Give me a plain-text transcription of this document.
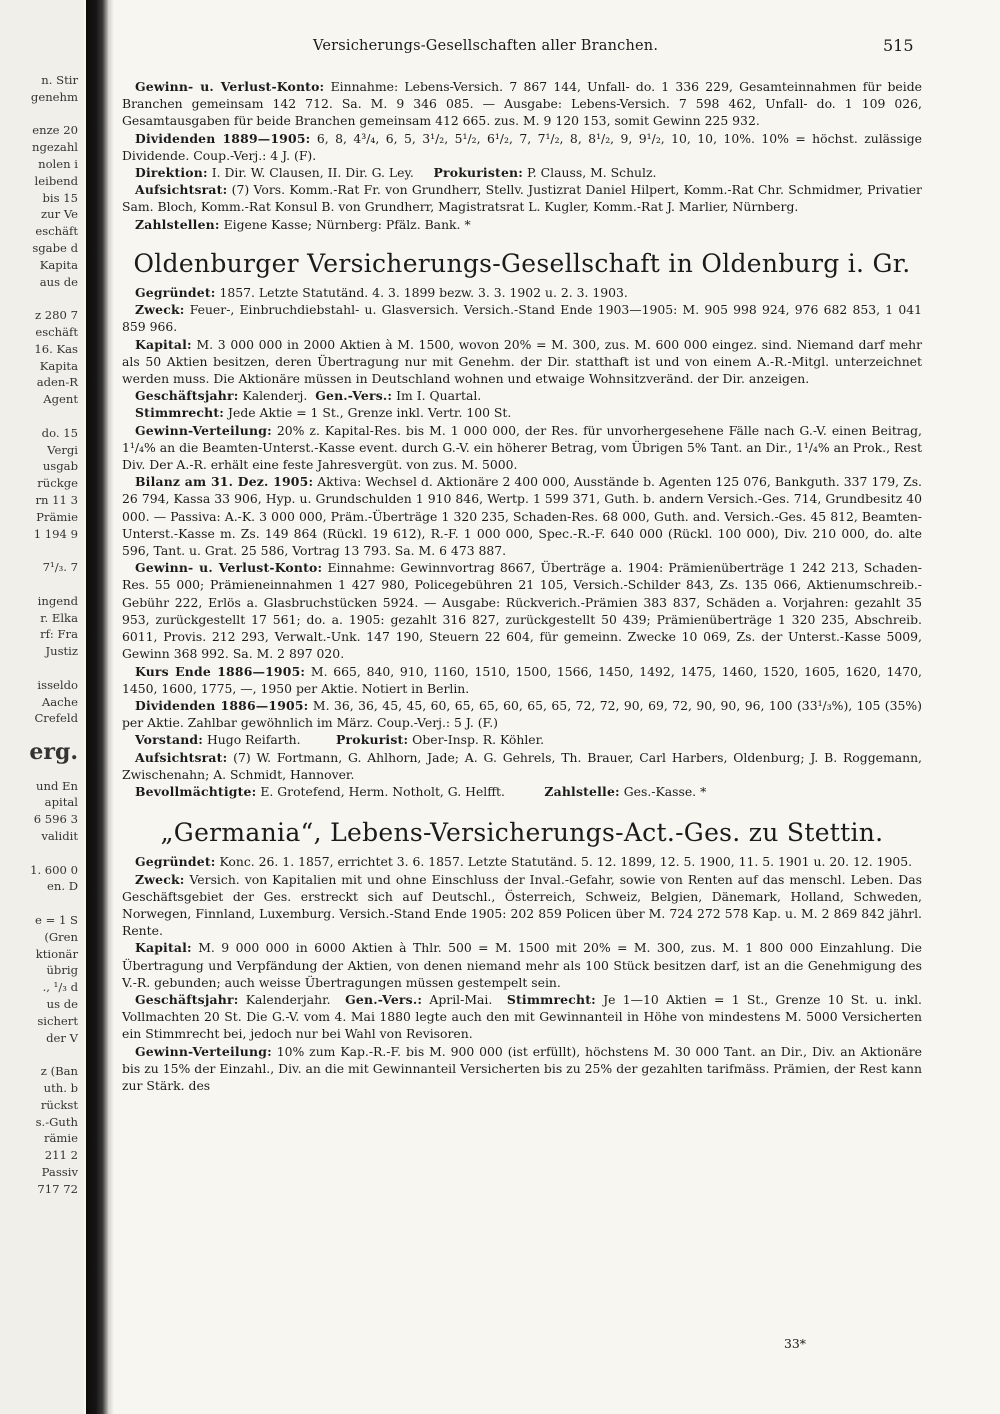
n. Stir
genehm
enze 20
ngezahl
nolen i
leibend
bis 15
zur Ve
eschäft
sgabe d
Kapita
aus de
z 280 7
eschäft
16. Kas
Kapita
aden-R
Agent
do. 15
Vergi
usgab
rückge
rn 11 3
Prämie
1 194 9
7¹/₃. 7
ingend
r. Elka
rf: Fra
Justiz
isseldo
Aache
Crefeld
erg.
und En
apital
6 596 3
validit
1. 600 0
en. D
e = 1 S
(Gren
ktionär
übrig
., ¹/₃ d
us de
sichert
der V
z (Ban
uth. b
rückst
s.-Guth
rämie
211 2
Passiv
717 72
Versicherungs-Gesellschaften aller Branchen.	515

Gewinn- u. Verlust-Konto: Einnahme: Lebens-Versich. 7 867 144, Unfall- do. 1 336 229, Gesamteinnahmen für beide Branchen gemeinsam 142 712. Sa. M. 9 346 085. — Ausgabe: Lebens-Versich. 7 598 462, Unfall- do. 1 109 026, Gesamtausgaben für beide Branchen gemeinsam 412 665. zus. M. 9 120 153, somit Gewinn 225 932.

Dividenden 1889—1905: 6, 8, 4³/₄, 6, 5, 3¹/₂, 5¹/₂, 6¹/₂, 7, 7¹/₂, 8, 8¹/₂, 9, 9¹/₂, 10, 10, 10%. 10% = höchst. zulässige Dividende. Coup.-Verj.: 4 J. (F).

Direktion: I. Dir. W. Clausen, II. Dir. G. Ley. Prokuristen: P. Clauss, M. Schulz.

Aufsichtsrat: (7) Vors. Komm.-Rat Fr. von Grundherr, Stellv. Justizrat Daniel Hilpert, Komm.-Rat Chr. Schmidmer, Privatier Sam. Bloch, Komm.-Rat Konsul B. von Grundherr, Magistratsrat L. Kugler, Komm.-Rat J. Marlier, Nürnberg.

Zahlstellen: Eigene Kasse; Nürnberg: Pfälz. Bank. *

Oldenburger Versicherungs-Gesellschaft in Oldenburg i. Gr.

Gegründet: 1857. Letzte Statutänd. 4. 3. 1899 bezw. 3. 3. 1902 u. 2. 3. 1903.

Zweck: Feuer-, Einbruchdiebstahl- u. Glasversich. Versich.-Stand Ende 1903—1905: M. 905 998 924, 976 682 853, 1 041 859 966.

Kapital: M. 3 000 000 in 2000 Aktien à M. 1500, wovon 20% = M. 300, zus. M. 600 000 eingez. sind. Niemand darf mehr als 50 Aktien besitzen, deren Übertragung nur mit Genehm. der Dir. statthaft ist und von einem A.-R.-Mitgl. unterzeichnet werden muss. Die Aktionäre müssen in Deutschland wohnen und etwaige Wohnsitzveränd. der Dir. anzeigen.

Geschäftsjahr: Kalenderj. Gen.-Vers.: Im I. Quartal.

Stimmrecht: Jede Aktie = 1 St., Grenze inkl. Vertr. 100 St.

Gewinn-Verteilung: 20% z. Kapital-Res. bis M. 1 000 000, der Res. für unvorhergesehene Fälle nach G.-V. einen Beitrag, 1¹/₄% an die Beamten-Unterst.-Kasse event. durch G.-V. ein höherer Betrag, vom Übrigen 5% Tant. an Dir., 1¹/₄% an Prok., Rest Div. Der A.-R. erhält eine feste Jahresvergüt. von zus. M. 5000.

Bilanz am 31. Dez. 1905: Aktiva: Wechsel d. Aktionäre 2 400 000, Ausstände b. Agenten 125 076, Bankguth. 337 179, Zs. 26 794, Kassa 33 906, Hyp. u. Grundschulden 1 910 846, Wertp. 1 599 371, Guth. b. andern Versich.-Ges. 714, Grundbesitz 40 000. — Passiva: A.-K. 3 000 000, Präm.-Überträge 1 320 235, Schaden-Res. 68 000, Guth. and. Versich.-Ges. 45 812, Beamten-Unterst.-Kasse m. Zs. 149 864 (Rückl. 19 612), R.-F. 1 000 000, Spec.-R.-F. 640 000 (Rückl. 100 000), Div. 210 000, do. alte 596, Tant. u. Grat. 25 586, Vortrag 13 793. Sa. M. 6 473 887.

Gewinn- u. Verlust-Konto: Einnahme: Gewinnvortrag 8667, Überträge a. 1904: Prämienüberträge 1 242 213, Schaden-Res. 55 000; Prämieneinnahmen 1 427 980, Policegebühren 21 105, Versich.-Schilder 843, Zs. 135 066, Aktienumschreib.-Gebühr 222, Erlös a. Glasbruchstücken 5924. — Ausgabe: Rückverich.-Prämien 383 837, Schäden a. Vorjahren: gezahlt 35 953, zurückgestellt 17 561; do. a. 1905: gezahlt 316 827, zurückgestellt 50 439; Prämienüberträge 1 320 235, Abschreib. 6011, Provis. 212 293, Verwalt.-Unk. 147 190, Steuern 22 604, für gemeinn. Zwecke 10 069, Zs. der Unterst.-Kasse 5009, Gewinn 368 992. Sa. M. 2 897 020.

Kurs Ende 1886—1905: M. 665, 840, 910, 1160, 1510, 1500, 1566, 1450, 1492, 1475, 1460, 1520, 1605, 1620, 1470, 1450, 1600, 1775, —, 1950 per Aktie. Notiert in Berlin.

Dividenden 1886—1905: M. 36, 36, 45, 45, 60, 65, 65, 60, 65, 65, 72, 72, 90, 69, 72, 90, 90, 96, 100 (33¹/₃%), 105 (35%) per Aktie. Zahlbar gewöhnlich im März. Coup.-Verj.: 5 J. (F.)

Vorstand: Hugo Reifarth.	Prokurist: Ober-Insp. R. Köhler.

Aufsichtsrat: (7) W. Fortmann, G. Ahlhorn, Jade; A. G. Gehrels, Th. Brauer, Carl Harbers, Oldenburg; J. B. Roggemann, Zwischenahn; A. Schmidt, Hannover.

Bevollmächtigte: E. Grotefend, Herm. Notholt, G. Helfft.	Zahlstelle: Ges.-Kasse. *

„Germania“, Lebens-Versicherungs-Act.-Ges. zu Stettin.

Gegründet: Konc. 26. 1. 1857, errichtet 3. 6. 1857. Letzte Statutänd. 5. 12. 1899, 12. 5. 1900, 11. 5. 1901 u. 20. 12. 1905.

Zweck: Versich. von Kapitalien mit und ohne Einschluss der Inval.-Gefahr, sowie von Renten auf das menschl. Leben. Das Geschäftsgebiet der Ges. erstreckt sich auf Deutschl., Österreich, Schweiz, Belgien, Dänemark, Holland, Schweden, Norwegen, Finnland, Luxemburg. Versich.-Stand Ende 1905: 202 859 Policen über M. 724 272 578 Kap. u. M. 2 869 842 jährl. Rente.

Kapital: M. 9 000 000 in 6000 Aktien à Thlr. 500 = M. 1500 mit 20% = M. 300, zus. M. 1 800 000 Einzahlung. Die Übertragung und Verpfändung der Aktien, von denen niemand mehr als 100 Stück besitzen darf, ist an die Genehmigung des V.-R. gebunden; auch weisse Übertragungen müssen gestempelt sein.

Geschäftsjahr: Kalenderjahr. Gen.-Vers.: April-Mai. Stimmrecht: Je 1—10 Aktien = 1 St., Grenze 10 St. u. inkl. Vollmachten 20 St. Die G.-V. vom 4. Mai 1880 legte auch den mit Gewinnanteil in Höhe von mindestens M. 5000 Versicherten ein Stimmrecht bei, jedoch nur bei Wahl von Revisoren.

Gewinn-Verteilung: 10% zum Kap.-R.-F. bis M. 900 000 (ist erfüllt), höchstens M. 30 000 Tant. an Dir., Div. an Aktionäre bis zu 15% der Einzahl., Div. an die mit Gewinnanteil Versicherten bis zu 25% der gezahlten tarifmäss. Prämien, der Rest kann zur Stärk. des

33*
